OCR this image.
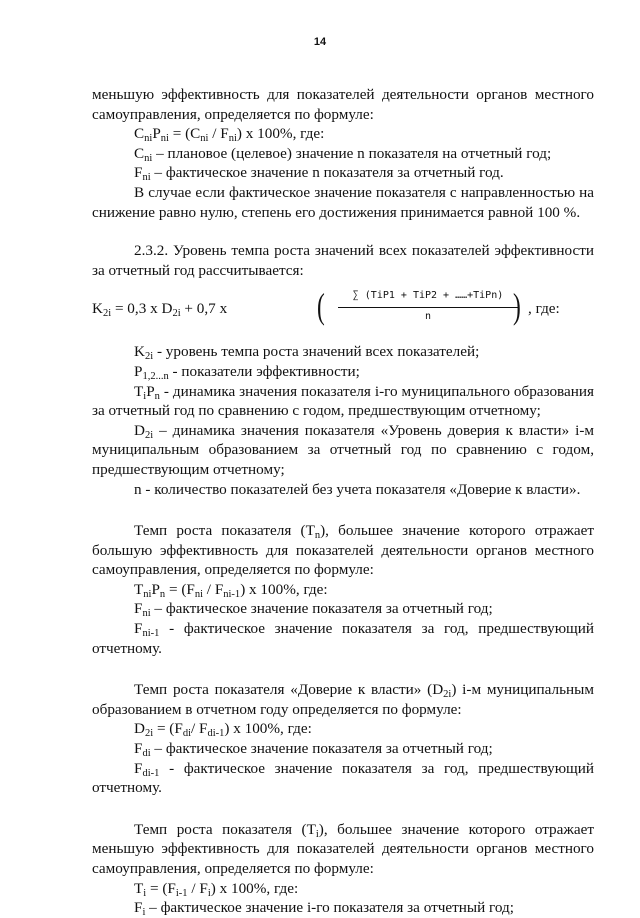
14

меньшую эффективность для показателей деятельности органов местного самоуправления, определяется по формуле:

$C_{ni}P_{ni} = (C_{ni} / F_{ni})$ x 100%, где:

$C_{ni}$ – плановое (целевое) значение n показателя на отчетный год;

$F_{ni}$ – фактическое значение n показателя за отчетный год.

В случае если фактическое значение показателя с направленностью на снижение равно нулю, степень его достижения принимается равной 100 %.

2.3.2. Уровень темпа роста значений всех показателей эффективности за отчетный год рассчитывается:

$K_{2i} = 0,3$ x $D_{2i} + 0,7$ x (	∑ (TiP1 + TiP2 + ……+TiPn)
n	) , где:

$K_{2i}$ - уровень темпа роста значений всех показателей;

$P_{1,2...n}$ - показатели эффективности;

$T_iP_n$ - динамика значения показателя i-го муниципального образования за отчетный год по сравнению с годом, предшествующим отчетному;

$D_{2i}$ – динамика значения показателя «Уровень доверия к власти» i-м муниципальным образованием за отчетный год по сравнению с годом, предшествующим отчетному;

n - количество показателей без учета показателя «Доверие к власти».

Темп роста показателя $(T_n)$, большее значение которого отражает большую эффективность для показателей деятельности органов местного самоуправления, определяется по формуле:

$T_{ni}P_n = (F_{ni} / F_{ni-1})$ x 100%, где:

$F_{ni}$ – фактическое значение показателя за отчетный год;

$F_{ni-1}$ - фактическое значение показателя за год, предшествующий отчетному.

Темп роста показателя «Доверие к власти» $(D_{2i})$ i-м муниципальным образованием в отчетном году определяется по формуле:

$D_{2i} = (F_{di}/$ $F_{di-1}$) x 100%, где:

$F_{di}$ – фактическое значение показателя за отчетный год;

$F_{di-1}$ - фактическое значение показателя за год, предшествующий отчетному.

Темп роста показателя $(T_i)$, большее значение которого отражает меньшую эффективность для показателей деятельности органов местного самоуправления, определяется по формуле:

$T_i = (F_{i-1} / F_i)$ x 100%, где:

$F_i$ – фактическое значение i-го показателя за отчетный год;
